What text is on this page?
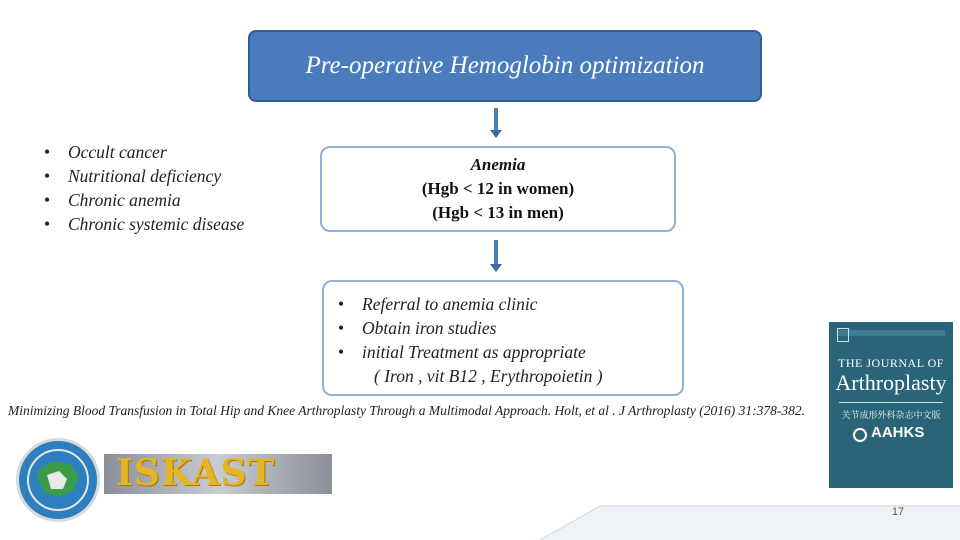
Pre-operative Hemoglobin optimization
•	Occult cancer
•	Nutritional deficiency
•	Chronic anemia
•	Chronic systemic disease
Anemia
(Hgb < 12 in women)
(Hgb < 13 in men)
•	Referral to anemia clinic
•	Obtain iron studies
•	initial Treatment as appropriate
( Iron , vit B12 , Erythropoietin )
Minimizing Blood Transfusion in Total Hip and Knee Arthroplasty Through a Multimodal Approach. Holt, et al . J Arthroplasty (2016) 31:378-382.
THE JOURNAL OF
Arthroplasty
关节成形外科杂志中文版
AAHKS
17
ISKAST
